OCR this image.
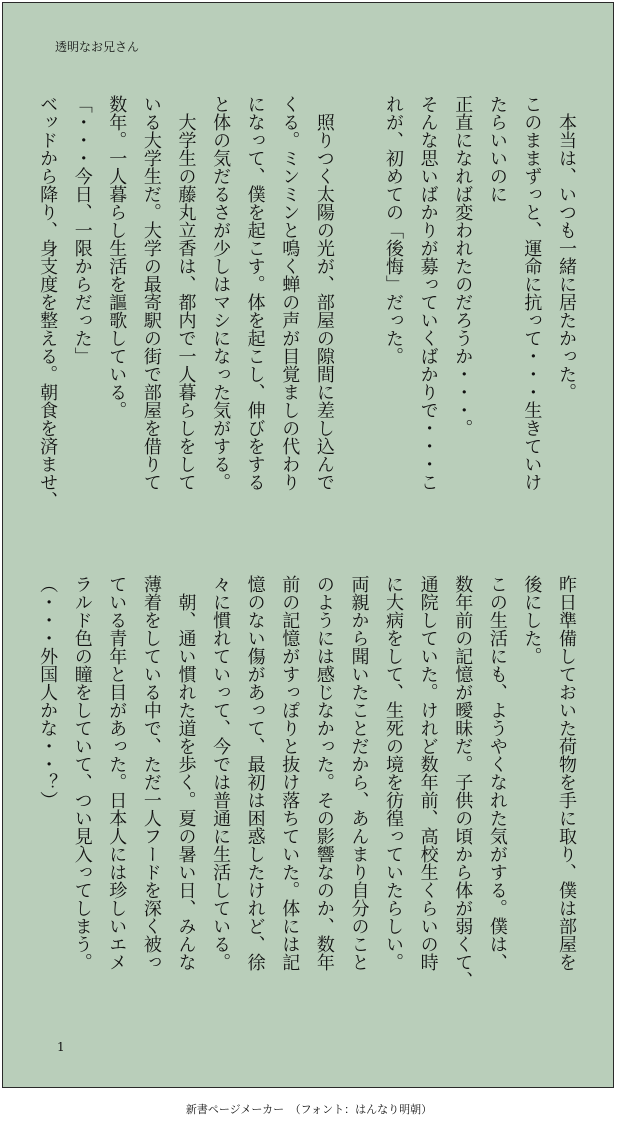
透明なお兄さん

　本当は、いつも一緒に居たかった。
このままずっと、運命に抗って・・・生きていけ
たらいいのに
正直になれば変われたのだろうか・・・。
そんな思いばかりが募っていくばかりで・・・こ
れが、初めての「後悔」だった。

　照りつく太陽の光が、部屋の隙間に差し込んで
くる。ミンミンと鳴く蝉の声が目覚ましの代わり
になって、僕を起こす。体を起こし、伸びをする
と体の気だるさが少しはマシになった気がする。
　大学生の藤丸立香は、都内で一人暮らしをして
いる大学生だ。大学の最寄駅の街で部屋を借りて
数年。一人暮らし生活を謳歌している。
「・・・今日、一限からだった」
ベッドから降り、身支度を整える。朝食を済ませ、

昨日準備しておいた荷物を手に取り、僕は部屋を
後にした。
この生活にも、ようやくなれた気がする。僕は、
数年前の記憶が曖昧だ。子供の頃から体が弱くて、
通院していた。けれど数年前、高校生くらいの時
に大病をして、生死の境を彷徨っていたらしい。
両親から聞いたことだから、あんまり自分のこと
のようには感じなかった。その影響なのか、数年
前の記憶がすっぽりと抜け落ちていた。体には記
憶のない傷があって、最初は困惑したけれど、徐
々に慣れていって、今では普通に生活している。
　朝、通い慣れた道を歩く。夏の暑い日、みんな
薄着をしている中で、ただ一人フードを深く被っ
ている青年と目があった。日本人には珍しいエメ
ラルド色の瞳をしていて、つい見入ってしまう。
（・・・外国人かな・・？）

1
新書ページメーカー　（フォント：はんなり明朝）
